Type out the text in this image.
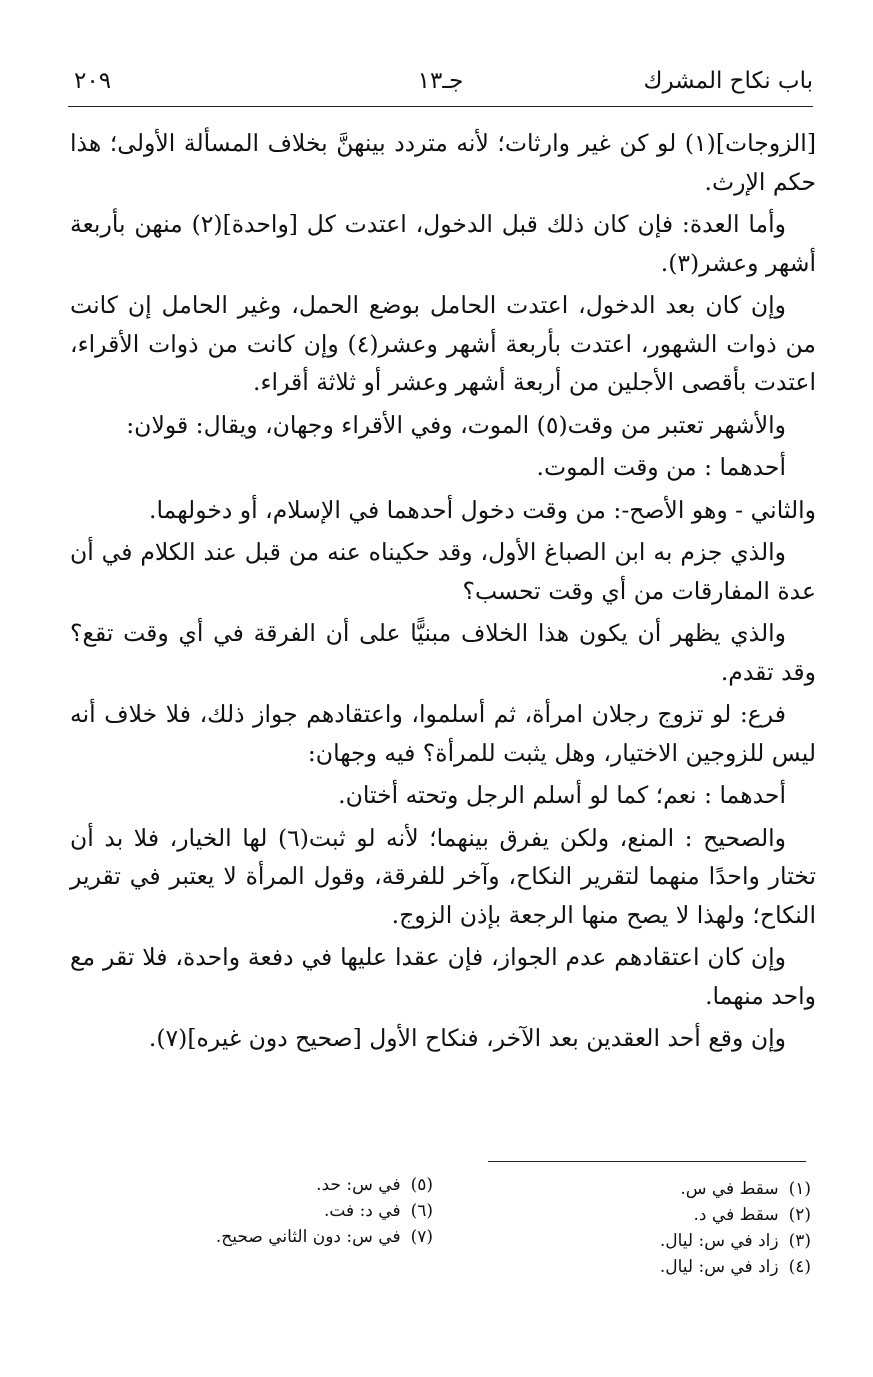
باب نكاح المشرك
جـ١٣
٢٠٩

[الزوجات](١) لو كن غير وارثات؛ لأنه متردد بينهنَّ بخلاف المسألة الأولى؛ هذا حكم الإرث.

وأما العدة: فإن كان ذلك قبل الدخول، اعتدت كل [واحدة](٢) منهن بأربعة أشهر وعشر(٣).

وإن كان بعد الدخول، اعتدت الحامل بوضع الحمل، وغير الحامل إن كانت من ذوات الشهور، اعتدت بأربعة أشهر وعشر(٤) وإن كانت من ذوات الأقراء، اعتدت بأقصى الأجلين من أربعة أشهر وعشر أو ثلاثة أقراء.

والأشهر تعتبر من وقت(٥) الموت، وفي الأقراء وجهان، ويقال: قولان:

أحدهما : من وقت الموت.

والثاني - وهو الأصح-: من وقت دخول أحدهما في الإسلام، أو دخولهما.

والذي جزم به ابن الصباغ الأول، وقد حكيناه عنه من قبل عند الكلام في أن عدة المفارقات من أي وقت تحسب؟

والذي يظهر أن يكون هذا الخلاف مبنيًّا على أن الفرقة في أي وقت تقع؟ وقد تقدم.

فرع: لو تزوج رجلان امرأة، ثم أسلموا، واعتقادهم جواز ذلك، فلا خلاف أنه ليس للزوجين الاختيار، وهل يثبت للمرأة؟ فيه وجهان:

أحدهما : نعم؛ كما لو أسلم الرجل وتحته أختان.

والصحيح : المنع، ولكن يفرق بينهما؛ لأنه لو ثبت(٦) لها الخيار، فلا بد أن تختار واحدًا منهما لتقرير النكاح، وآخر للفرقة، وقول المرأة لا يعتبر في تقرير النكاح؛ ولهذا لا يصح منها الرجعة بإذن الزوج.

وإن كان اعتقادهم عدم الجواز، فإن عقدا عليها في دفعة واحدة، فلا تقر مع واحد منهما.

وإن وقع أحد العقدين بعد الآخر، فنكاح الأول [صحيح دون غيره](٧).

(١)سقط في س.
(٢)سقط في د.
(٣)زاد في س: ليال.
(٤)زاد في س: ليال.
(٥)في س: حد.
(٦)في د: فت.
(٧)في س: دون الثاني صحيح.
